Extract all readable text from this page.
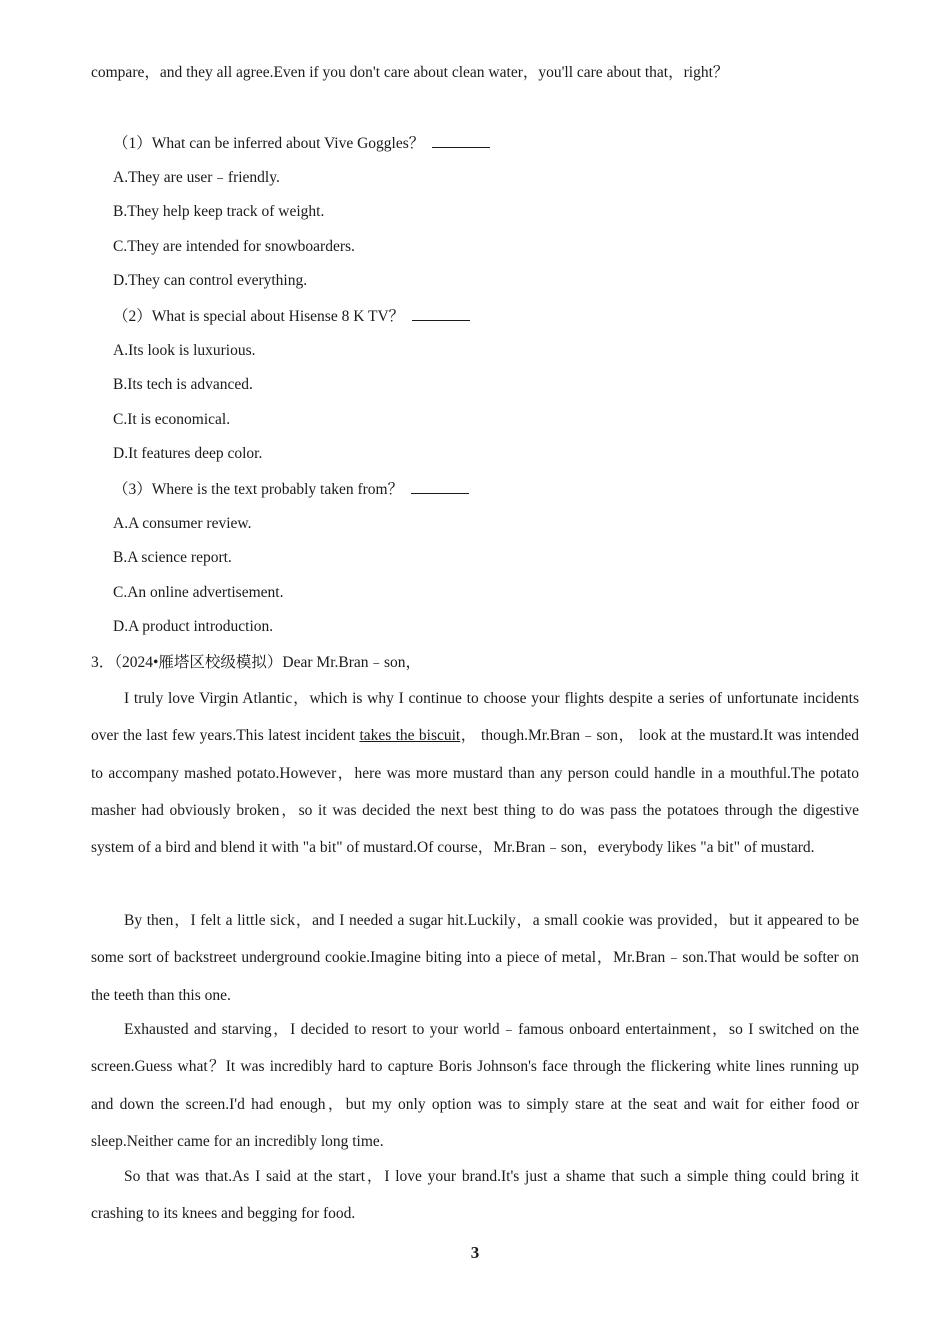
compare，and they all agree.Even if you don't care about clean water，you'll care about that，right？
（1）What can be inferred about Vive Goggles？
A.They are user﹣friendly.
B.They help keep track of weight.
C.They are intended for snowboarders.
D.They can control everything.
（2）What is special about Hisense 8 K TV？
A.Its look is luxurious.
B.Its tech is advanced.
C.It is economical.
D.It features deep color.
（3）Where is the text probably taken from？
A.A consumer review.
B.A science report.
C.An online advertisement.
D.A product introduction.
3．（2024•雁塔区校级模拟）Dear Mr.Bran﹣son，
I truly love Virgin Atlantic，which is why I continue to choose your flights despite a series of unfortunate incidents over the last few years.This latest incident takes the biscuit， though.Mr.Bran﹣son， look at the mustard.It was intended to accompany mashed potato.However，here was more mustard than any person could handle in a mouthful.The potato masher had obviously broken，so it was decided the next best thing to do was pass the potatoes through the digestive system of a bird and blend it with "a bit" of mustard.Of course，Mr.Bran﹣son，everybody likes "a bit" of mustard.
By then，I felt a little sick，and I needed a sugar hit.Luckily，a small cookie was provided，but it appeared to be some sort of backstreet underground cookie.Imagine biting into a piece of metal，Mr.Bran﹣son.That would be softer on the teeth than this one.
Exhausted and starving，I decided to resort to your world﹣famous onboard entertainment，so I switched on the screen.Guess what？It was incredibly hard to capture Boris Johnson's face through the flickering white lines running up and down the screen.I'd had enough，but my only option was to simply stare at the seat and wait for either food or sleep.Neither came for an incredibly long time.
So that was that.As I said at the start，I love your brand.It's just a shame that such a simple thing could bring it crashing to its knees and begging for food.
3
